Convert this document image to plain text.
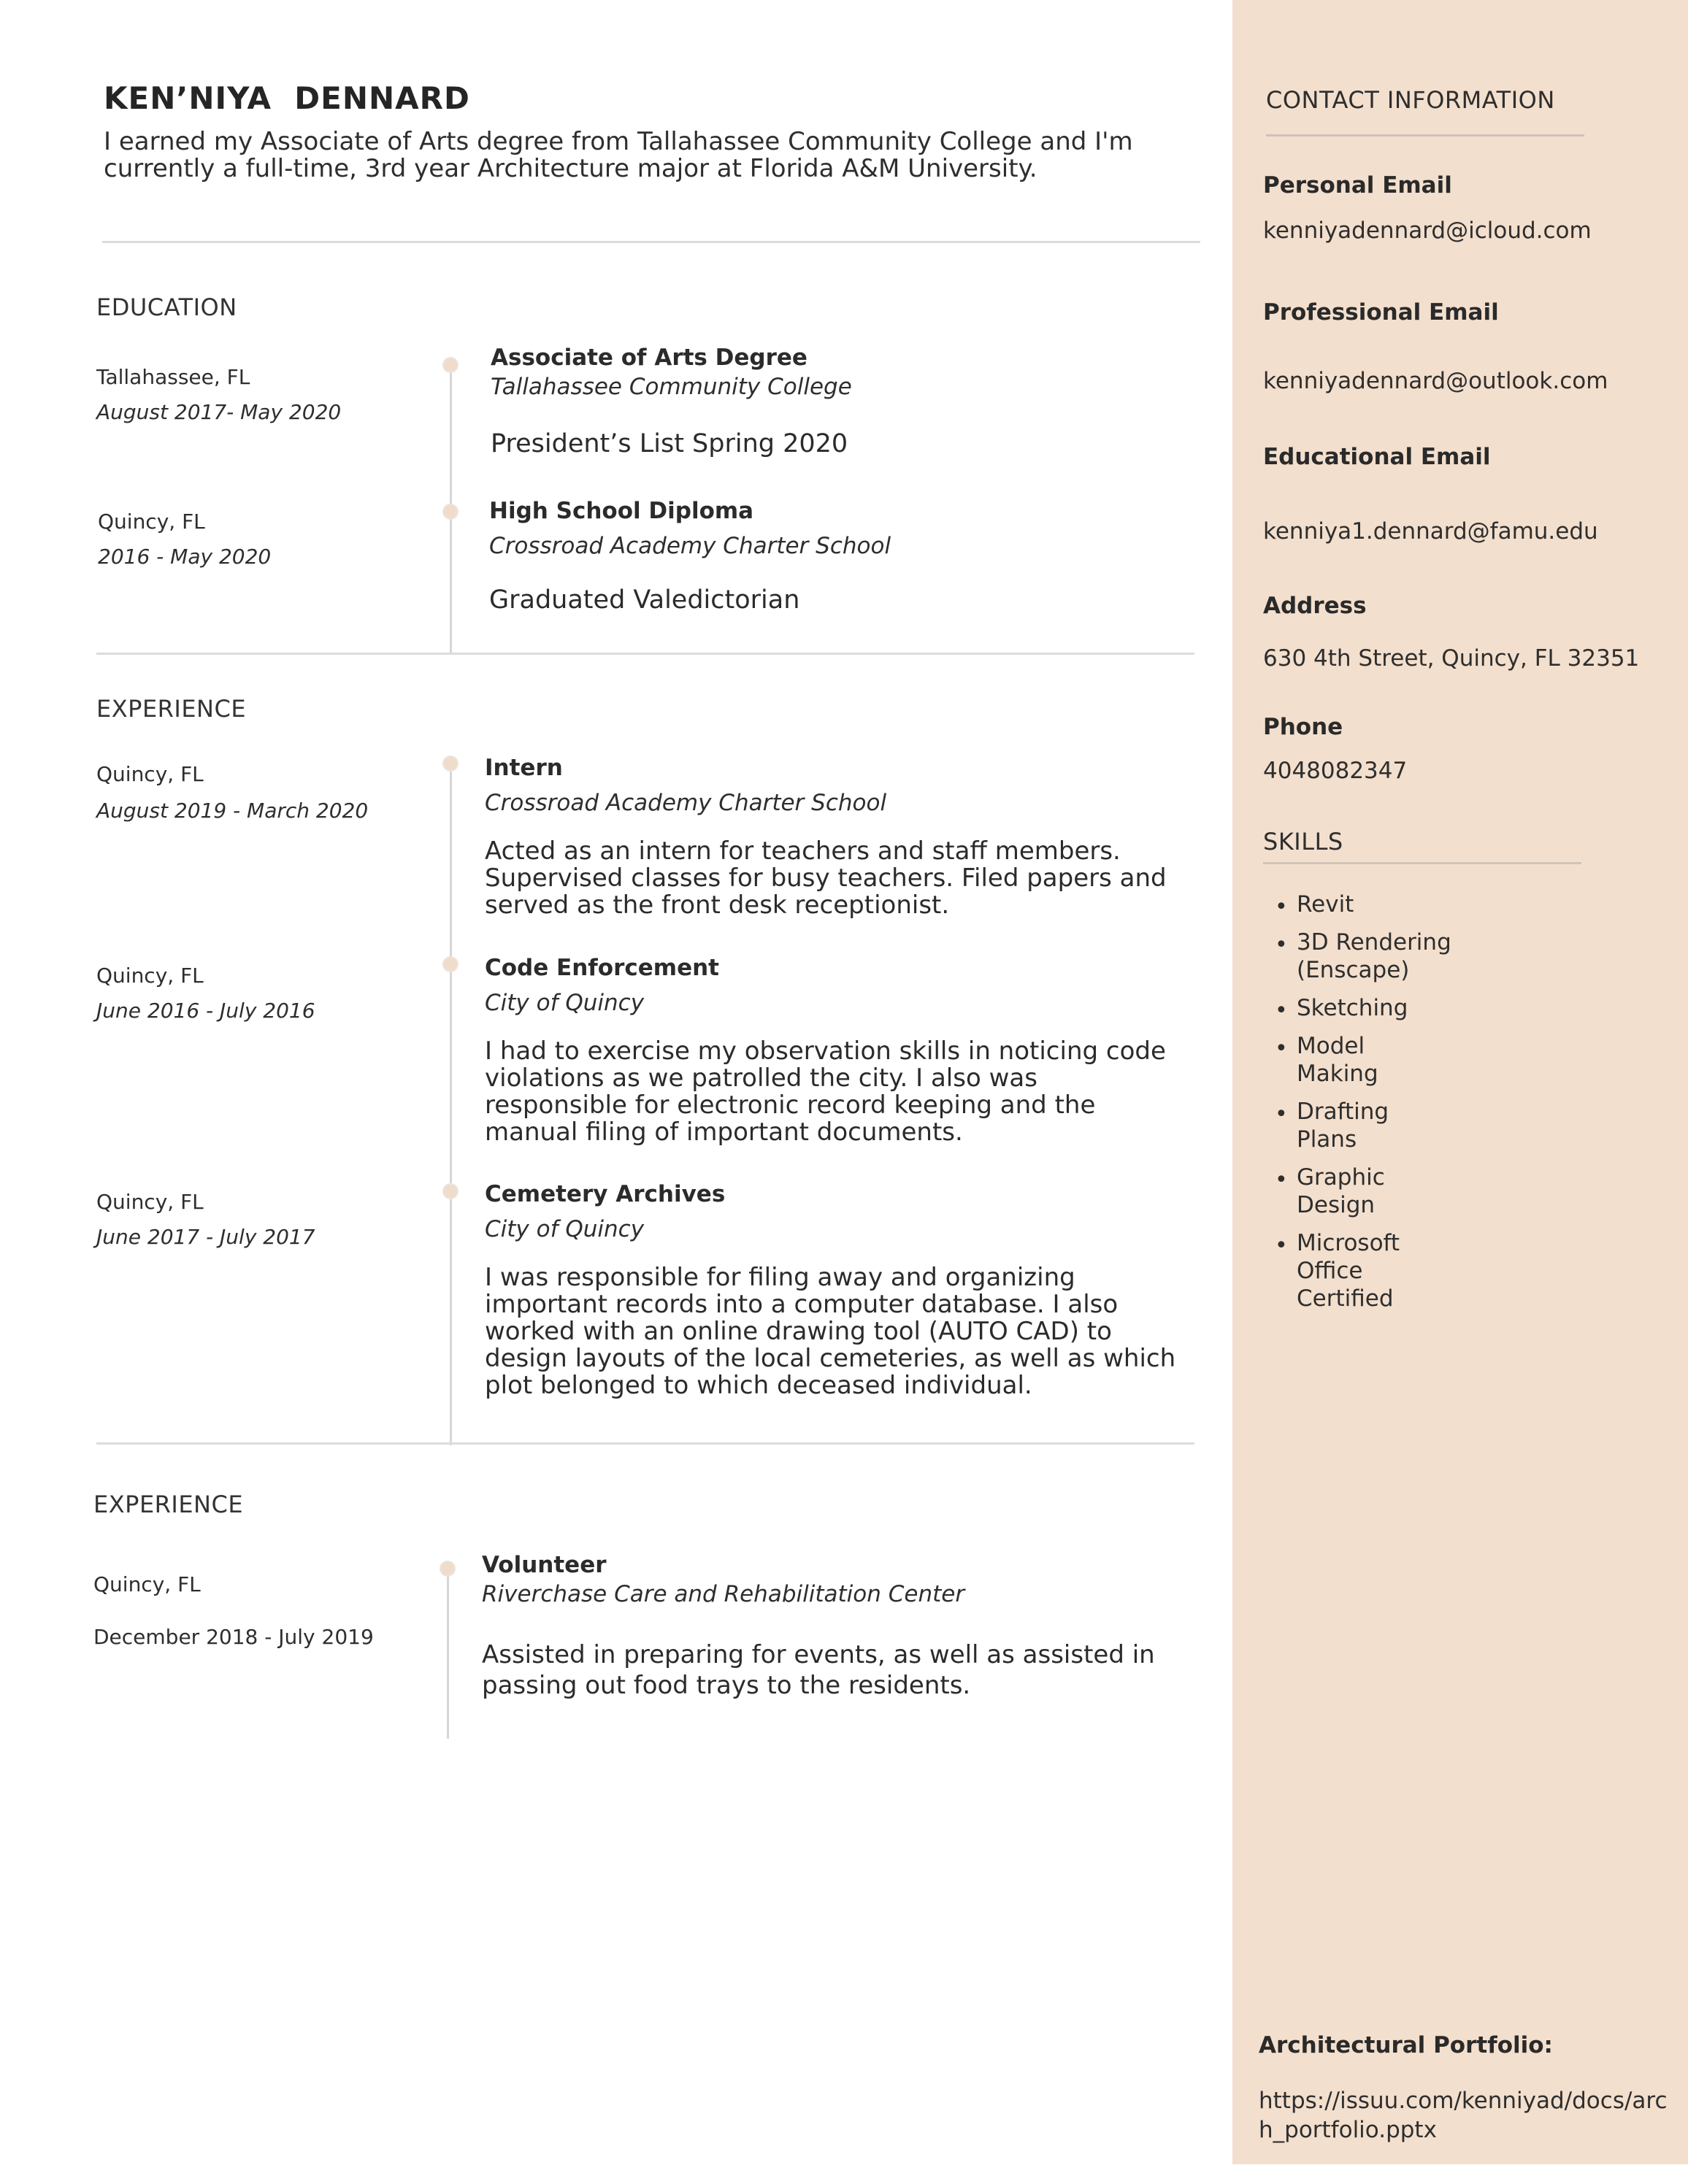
KEN’NIYA  DENNARD
I earned my Associate of Arts degree from Tallahassee Community College and I'm currently a full-time, 3rd year Architecture major at Florida A&M University.
EDUCATION
Tallahassee, FL
August 2017- May 2020
Associate of Arts Degree
Tallahassee Community College
President’s List Spring 2020
Quincy, FL
2016 - May 2020
High School Diploma
Crossroad Academy Charter School
Graduated Valedictorian
EXPERIENCE
Quincy, FL
August 2019 - March 2020
Intern
Crossroad Academy Charter School
Acted as an intern for teachers and staff members. Supervised classes for busy teachers. Filed papers and served as the front desk receptionist.
Quincy, FL
June 2016 - July 2016
Code Enforcement
City of Quincy
I had to exercise my observation skills in noticing code violations as we patrolled the city. I also was responsible for electronic record keeping and the manual filing of important documents.
Quincy, FL
June 2017 - July 2017
Cemetery Archives
City of Quincy
I was responsible for filing away and organizing important records into a computer database. I also worked with an online drawing tool (AUTO CAD) to design layouts of the local cemeteries, as well as which plot belonged to which deceased individual.
EXPERIENCE
Quincy, FL
December 2018 - July 2019
Volunteer
Riverchase Care and Rehabilitation Center
Assisted in preparing for events, as well as assisted in passing out food trays to the residents.
CONTACT INFORMATION
Personal Email
kenniyadennard@icloud.com
Professional Email
kenniyadennard@outlook.com
Educational Email
kenniya1.dennard@famu.edu
Address
630 4th Street, Quincy, FL 32351
Phone
4048082347
SKILLS
• Revit
• 3D Rendering (Enscape)
• Sketching
• Model Making
• Drafting Plans
• Graphic Design
• Microsoft Office Certified
Architectural Portfolio:
https://issuu.com/kenniyad/docs/arch_portfolio.pptx
